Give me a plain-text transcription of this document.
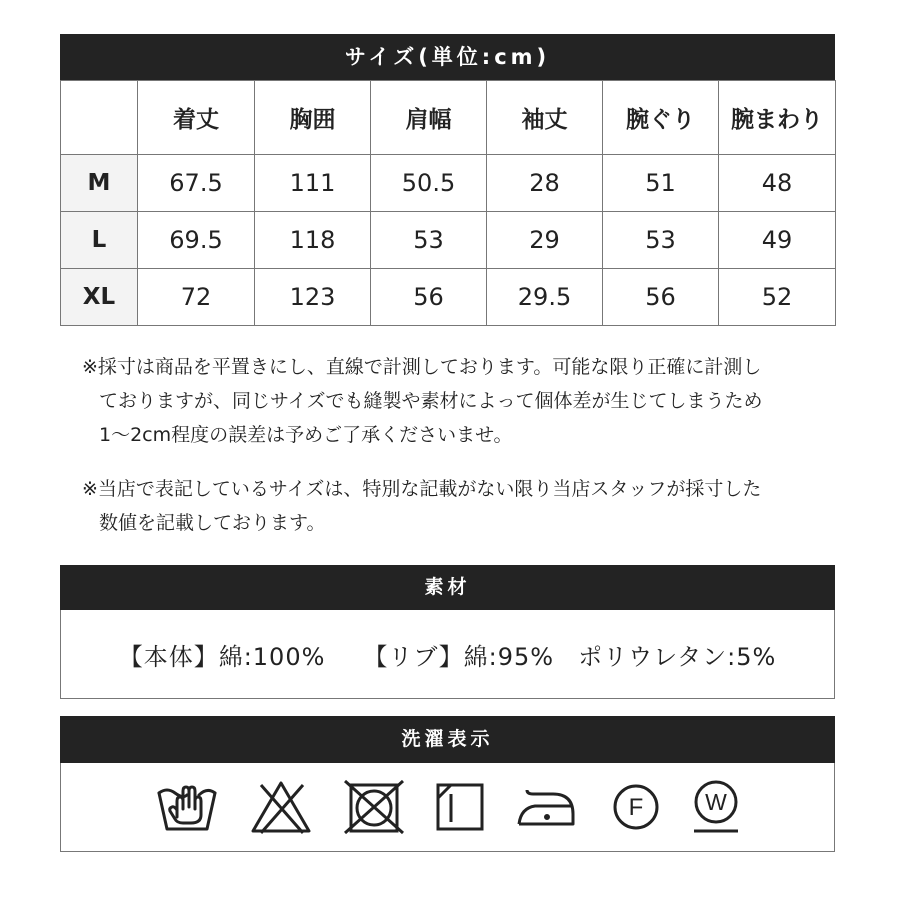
サイズ(単位:cm)
	着丈	胸囲	肩幅	袖丈	腕ぐり	腕まわり
M	67.5	111	50.5	28	51	48
L	69.5	118	53	29	53	49
XL	72	123	56	29.5	56	52
※採寸は商品を平置きにし、直線で計測しております。可能な限り正確に計測し
ておりますが、同じサイズでも縫製や素材によって個体差が生じてしまうため
1〜2cm程度の誤差は予めご了承くださいませ。
※当店で表記しているサイズは、特別な記載がない限り当店スタッフが採寸した
数値を記載しております。
素材
【本体】綿:100% 【リブ】綿:95% ポリウレタン:5%
洗濯表示
F	W
